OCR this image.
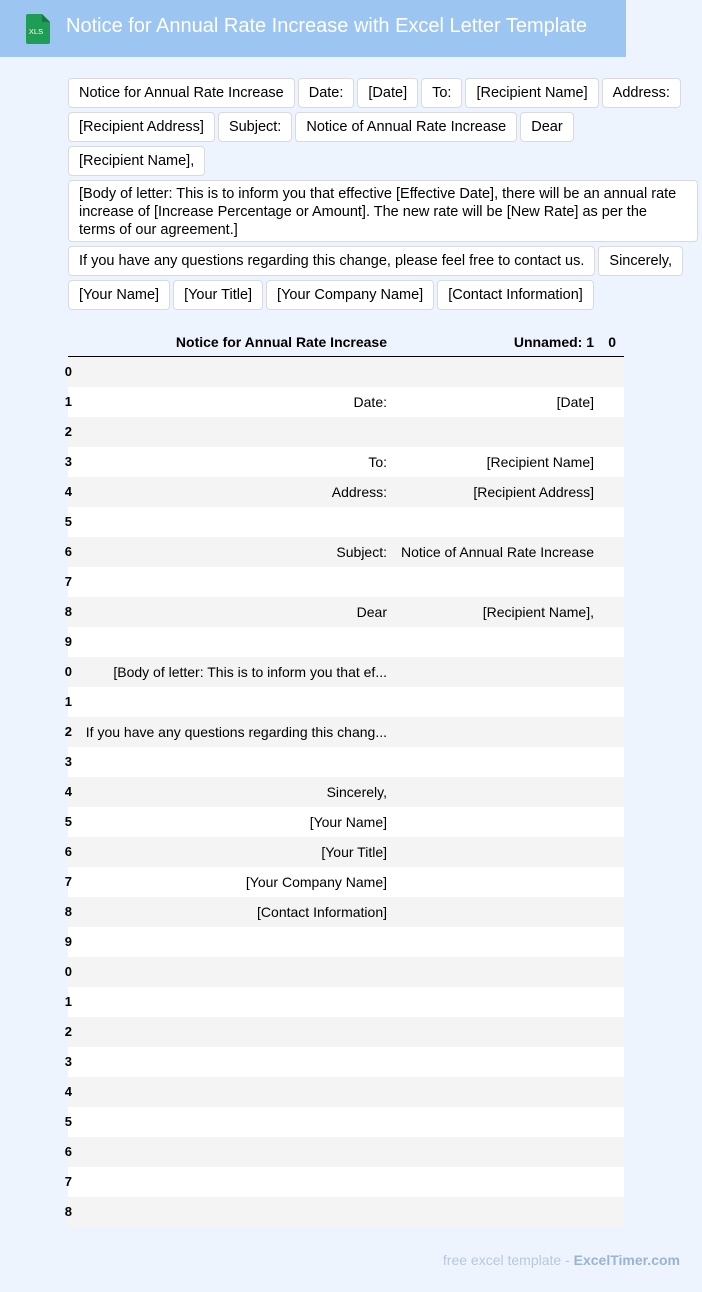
XLS Notice for Annual Rate Increase with Excel Letter Template
Notice for Annual Rate Increase	Date:	[Date]	To:	[Recipient Name]	Address:
[Recipient Address]	Subject:	Notice of Annual Rate Increase	Dear
[Recipient Name],
[Body of letter: This is to inform you that effective [Effective Date], there will be an annual rate increase of [Increase Percentage or Amount]. The new rate will be [New Rate] as per the terms of our agreement.]
If you have any questions regarding this change, please feel free to contact us.	Sincerely,
[Your Name]	[Your Title]	[Your Company Name]	[Contact Information]
Notice for Annual Rate Increase	Unnamed: 1 0
0
1	Date:	[Date]
2
3	To:	[Recipient Name]
4	Address:	[Recipient Address]
5
6	Subject: Notice of Annual Rate Increase
7
8	Dear	[Recipient Name],
9
0	[Body of letter: This is to inform you that ef...
1
2 If you have any questions regarding this chang...
3
4	Sincerely,
5	[Your Name]
6	[Your Title]
7	[Your Company Name]
8	[Contact Information]
9
0
1
2
3
4
5
6
7
8
free excel template - ExcelTimer.com
